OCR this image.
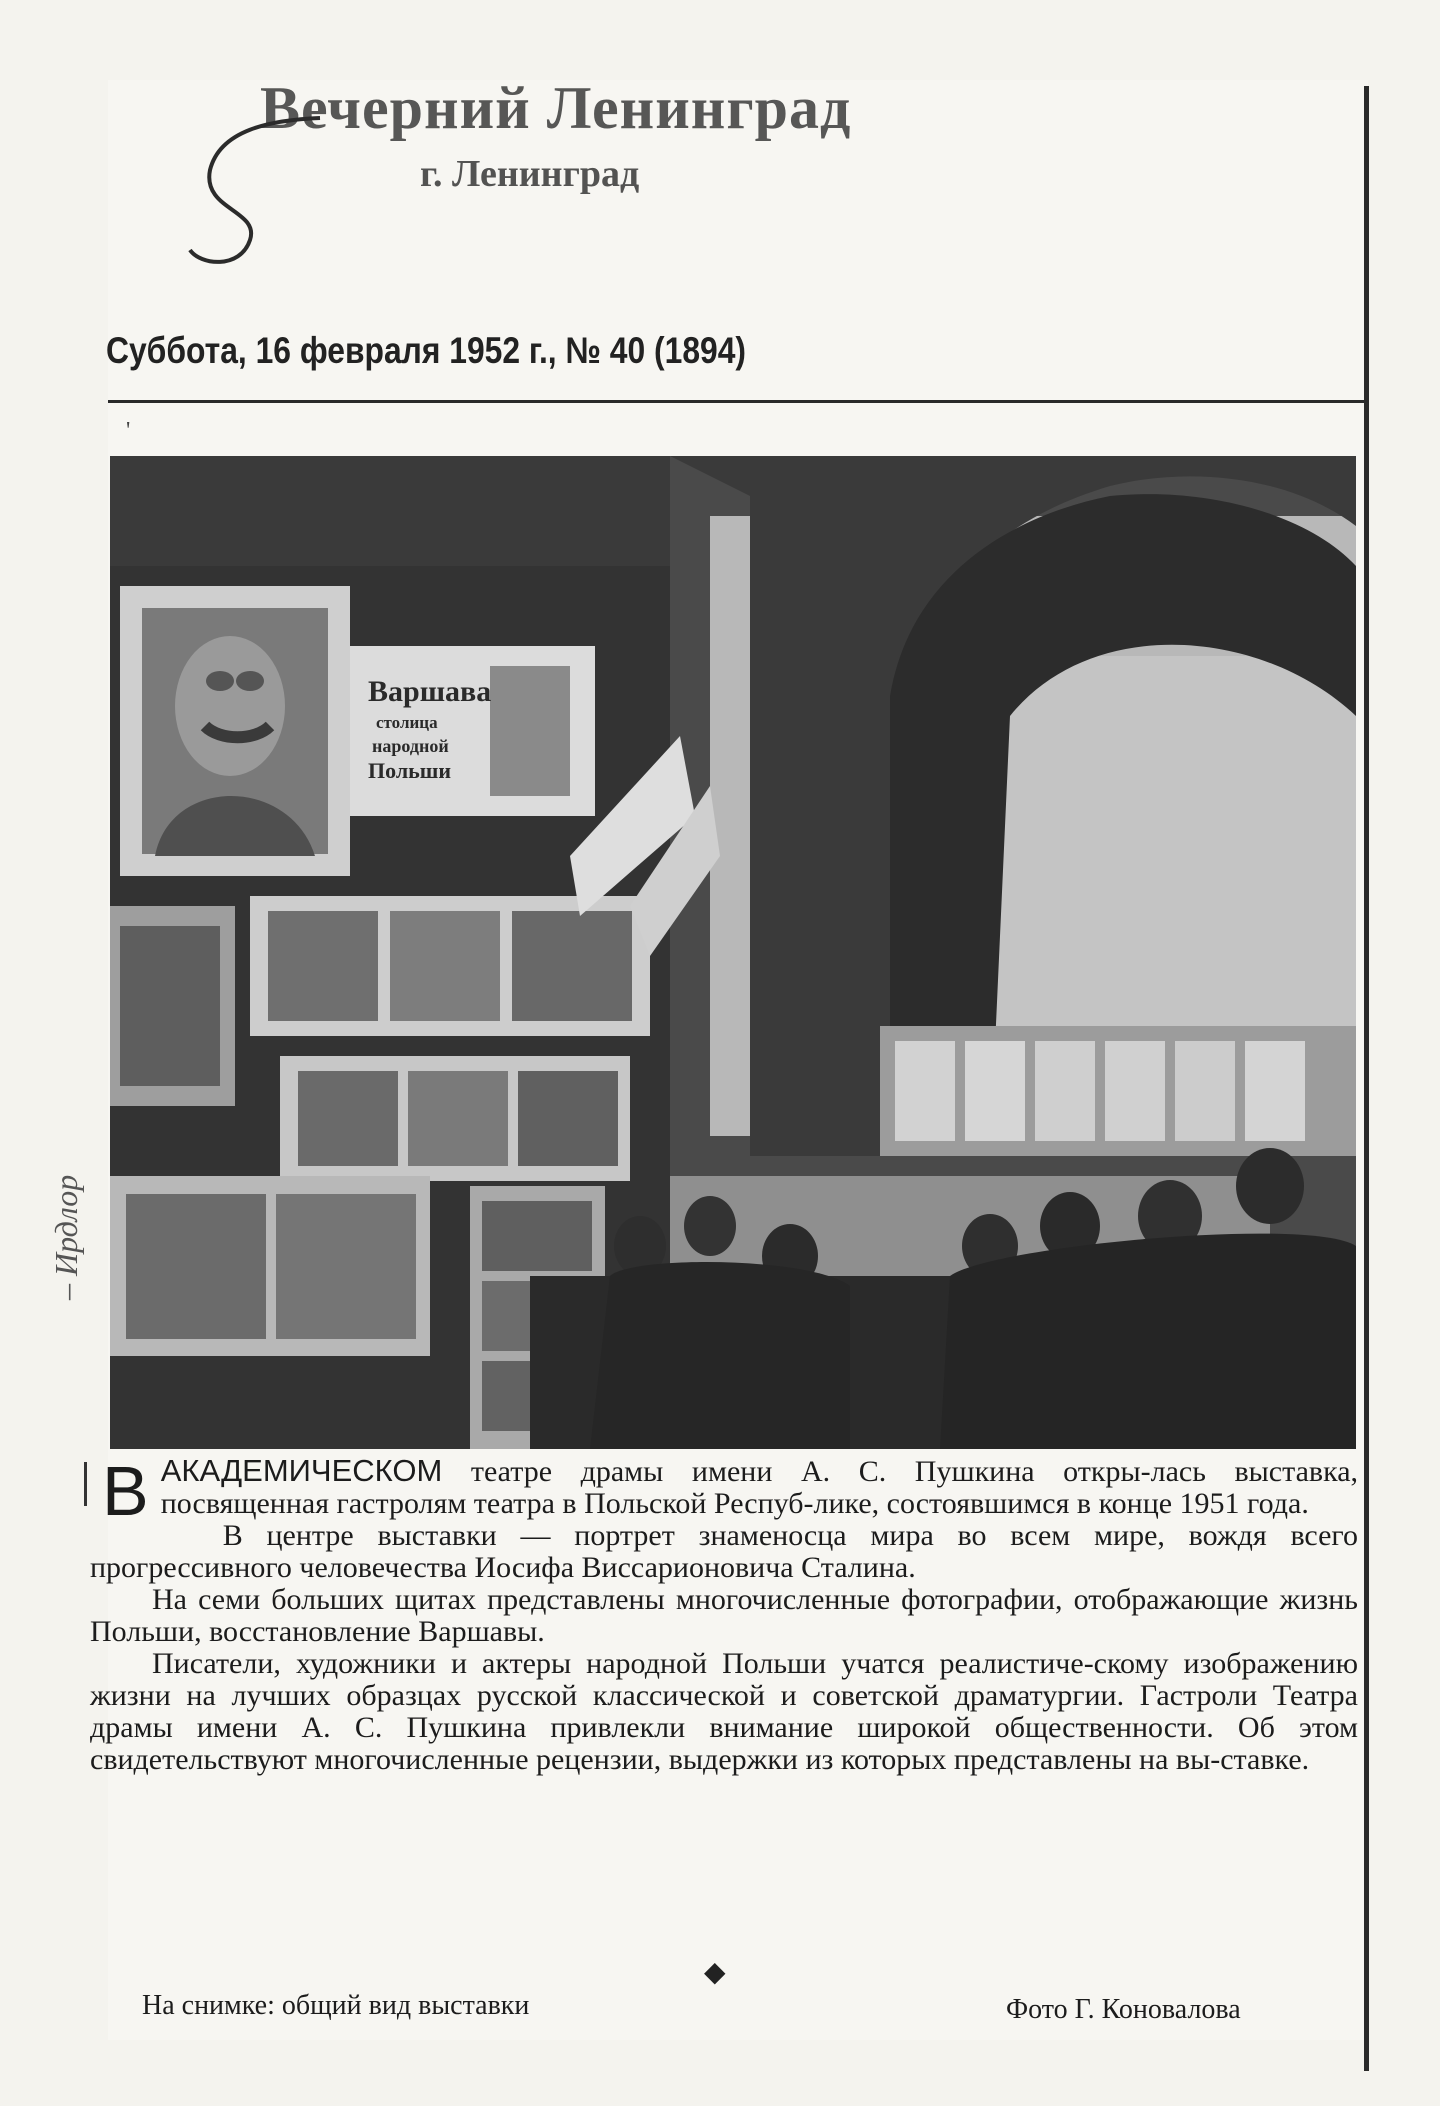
Вечерний Ленинград
г. Ленинград
Суббота, 16 февраля 1952 г., № 40 (1894)
'
Варшава
столица
народной
Польши

В АКАДЕМИЧЕСКОМ театре драмы имени А. С. Пушкина откры-лась выставка, посвященная гастролям театра в Польской Респуб-лике, состоявшимся в конце 1951 года.

В центре выставки — портрет знаменосца мира во всем мире, вождя всего прогрессивного человечества Иосифа Виссарионовича Сталина.

На семи больших щитах представлены многочисленные фотографии, отображающие жизнь Польши, восстановление Варшавы.

Писатели, художники и актеры народной Польши учатся реалистиче-скому изображению жизни на лучших образцах русской классической и советской драматургии. Гастроли Театра драмы имени А. С. Пушкина привлекли внимание широкой общественности. Об этом свидетельствуют многочисленные рецензии, выдержки из которых представлены на вы-ставке.

◆
На снимке: общий вид выставки	Фото Г. Коновалова
– Ирдлор
